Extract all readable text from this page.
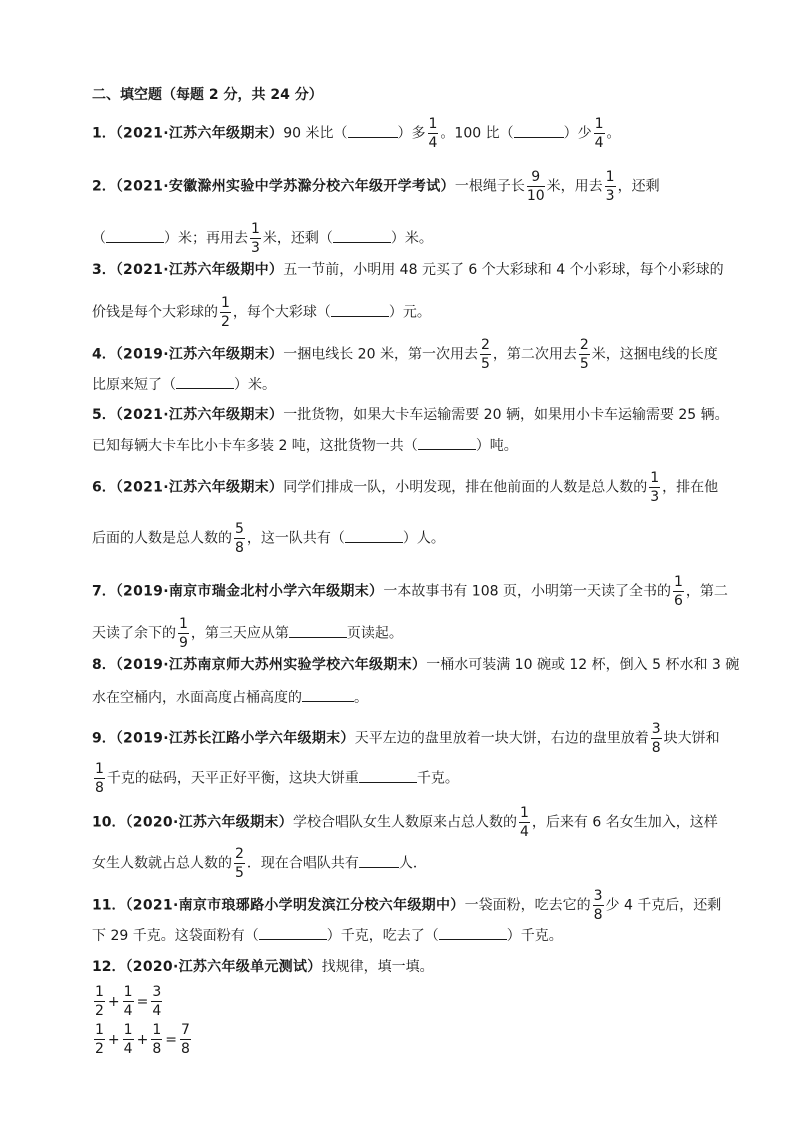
二、填空题（每题 2 分，共 24 分）
1．（2021·江苏六年级期末）90 米比（	）多 $\frac{1}{4}$ 。100 比（	）少 $\frac{1}{4}$ 。
2．（2021·安徽滁州实验中学苏滁分校六年级开学考试）一根绳子长 $\frac{9}{10}$ 米，用去 $\frac{1}{3}$ ，还剩
（	）米；再用去 $\frac{1}{3}$ 米，还剩（	）米。
3．（2021·江苏六年级期中）五一节前，小明用 48 元买了 6 个大彩球和 4 个小彩球，每个小彩球的
价钱是每个大彩球的 $\frac{1}{2}$ ，每个大彩球（	）元。
4．（2019·江苏六年级期末）一捆电线长 20 米，第一次用去 $\frac{2}{5}$ ，第二次用去 $\frac{2}{5}$ 米，这捆电线的长度
比原来短了（	）米。
5．（2021·江苏六年级期末）一批货物，如果大卡车运输需要 20 辆，如果用小卡车运输需要 25 辆。
已知每辆大卡车比小卡车多装 2 吨，这批货物一共（	）吨。
6．（2021·江苏六年级期末）同学们排成一队，小明发现，排在他前面的人数是总人数的 $\frac{1}{3}$ ，排在他
后面的人数是总人数的 $\frac{5}{8}$ ，这一队共有（	）人。
7．（2019·南京市瑞金北村小学六年级期末）一本故事书有 108 页，小明第一天读了全书的 $\frac{1}{6}$ ，第二
天读了余下的 $\frac{1}{9}$ ，第三天应从第	页读起。
8．（2019·江苏南京师大苏州实验学校六年级期末）一桶水可装满 10 碗或 12 杯，倒入 5 杯水和 3 碗
水在空桶内，水面高度占桶高度的	。
9．（2019·江苏长江路小学六年级期末）天平左边的盘里放着一块大饼，右边的盘里放着 $\frac{3}{8}$ 块大饼和
$\frac{1}{8}$ 千克的砝码，天平正好平衡，这块大饼重	千克。
10．（2020·江苏六年级期末）学校合唱队女生人数原来占总人数的 $\frac{1}{4}$ ，后来有 6 名女生加入，这样
女生人数就占总人数的 $\frac{2}{5}$ ．现在合唱队共有	人．
11．（2021·南京市琅琊路小学明发滨江分校六年级期中）一袋面粉，吃去它的 $\frac{3}{8}$ 少 4 千克后，还剩
下 29 千克。这袋面粉有（	）千克，吃去了（	）千克。
12．（2020·江苏六年级单元测试）找规律，填一填。
$\frac{1}{2} + \frac{1}{4} = \frac{3}{4}$
$\frac{1}{2} + \frac{1}{4} + \frac{1}{8} = \frac{7}{8}$
